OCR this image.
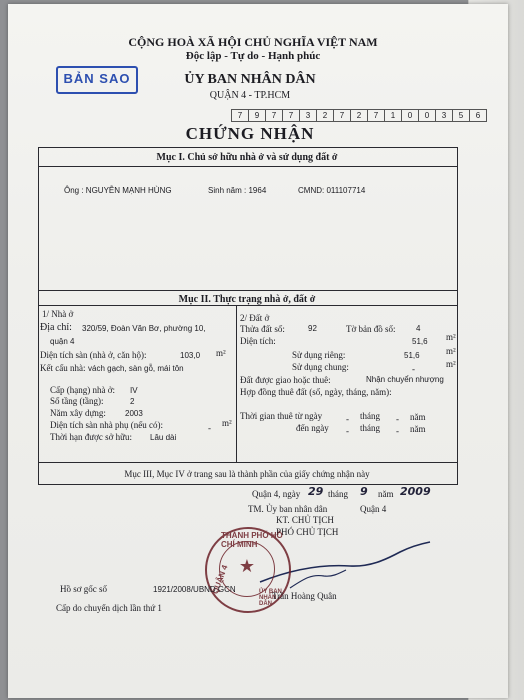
CỘNG HOÀ XÃ HỘI CHỦ NGHĨA VIỆT NAM
Độc lập - Tự do - Hạnh phúc
BẢN SAO	ỦY BAN NHÂN DÂN
QUẬN 4 - TP.HCM
7	9	7	7	3	2	7	2	7	1	0	0	3	5	6
CHỨNG NHẬN
Mục I. Chủ sở hữu nhà ở và sử dụng đất ở
Ông : NGUYỄN MẠNH HÙNG	Sinh năm : 1964	CMND: 011107714
Mục II. Thực trạng nhà ở, đất ở
1/ Nhà ở
Địa chỉ: 320/59, Đoàn Văn Bơ, phường 10,
quận 4
Diện tích sàn (nhà ở, căn hộ):	103,0 m²
Kết cấu nhà: vách gạch, sàn gỗ, mái tôn
Cấp (hạng) nhà ở: IV
Số tầng (tầng):	2
Năm xây dựng: 2003
Diện tích sàn nhà phụ (nếu có):	- m²
Thời hạn được sở hữu: Lâu dài
2/ Đất ở
Thửa đất số:	92	Tờ bản đồ số:	4
Diện tích:	51,6 m²
Sử dụng riêng:	51,6	m²
Sử dụng chung:	-	m²
Đất được giao hoặc thuê:	Nhận chuyển nhượng
Hợp đồng thuê đất (số, ngày, tháng, năm):
Thời gian thuê từ ngày	- tháng - năm
đến ngày - tháng - năm
Mục III, Mục IV ở trang sau là thành phần của giấy chứng nhận này
Quận 4, ngày 29 tháng 9 năm 2009
TM. Ủy ban nhân dân	Quận 4
KT. CHỦ TỊCH
PHÓ CHỦ TỊCH
★
THÀNH PHỐ HỒ CHÍ MINH
QUẬN 4	ỦY BAN NHÂN DÂN
Trần Hoàng Quân
Hồ sơ gốc số	1921/2008/UBND.GCN
Cấp do chuyển dịch lần thứ 1
